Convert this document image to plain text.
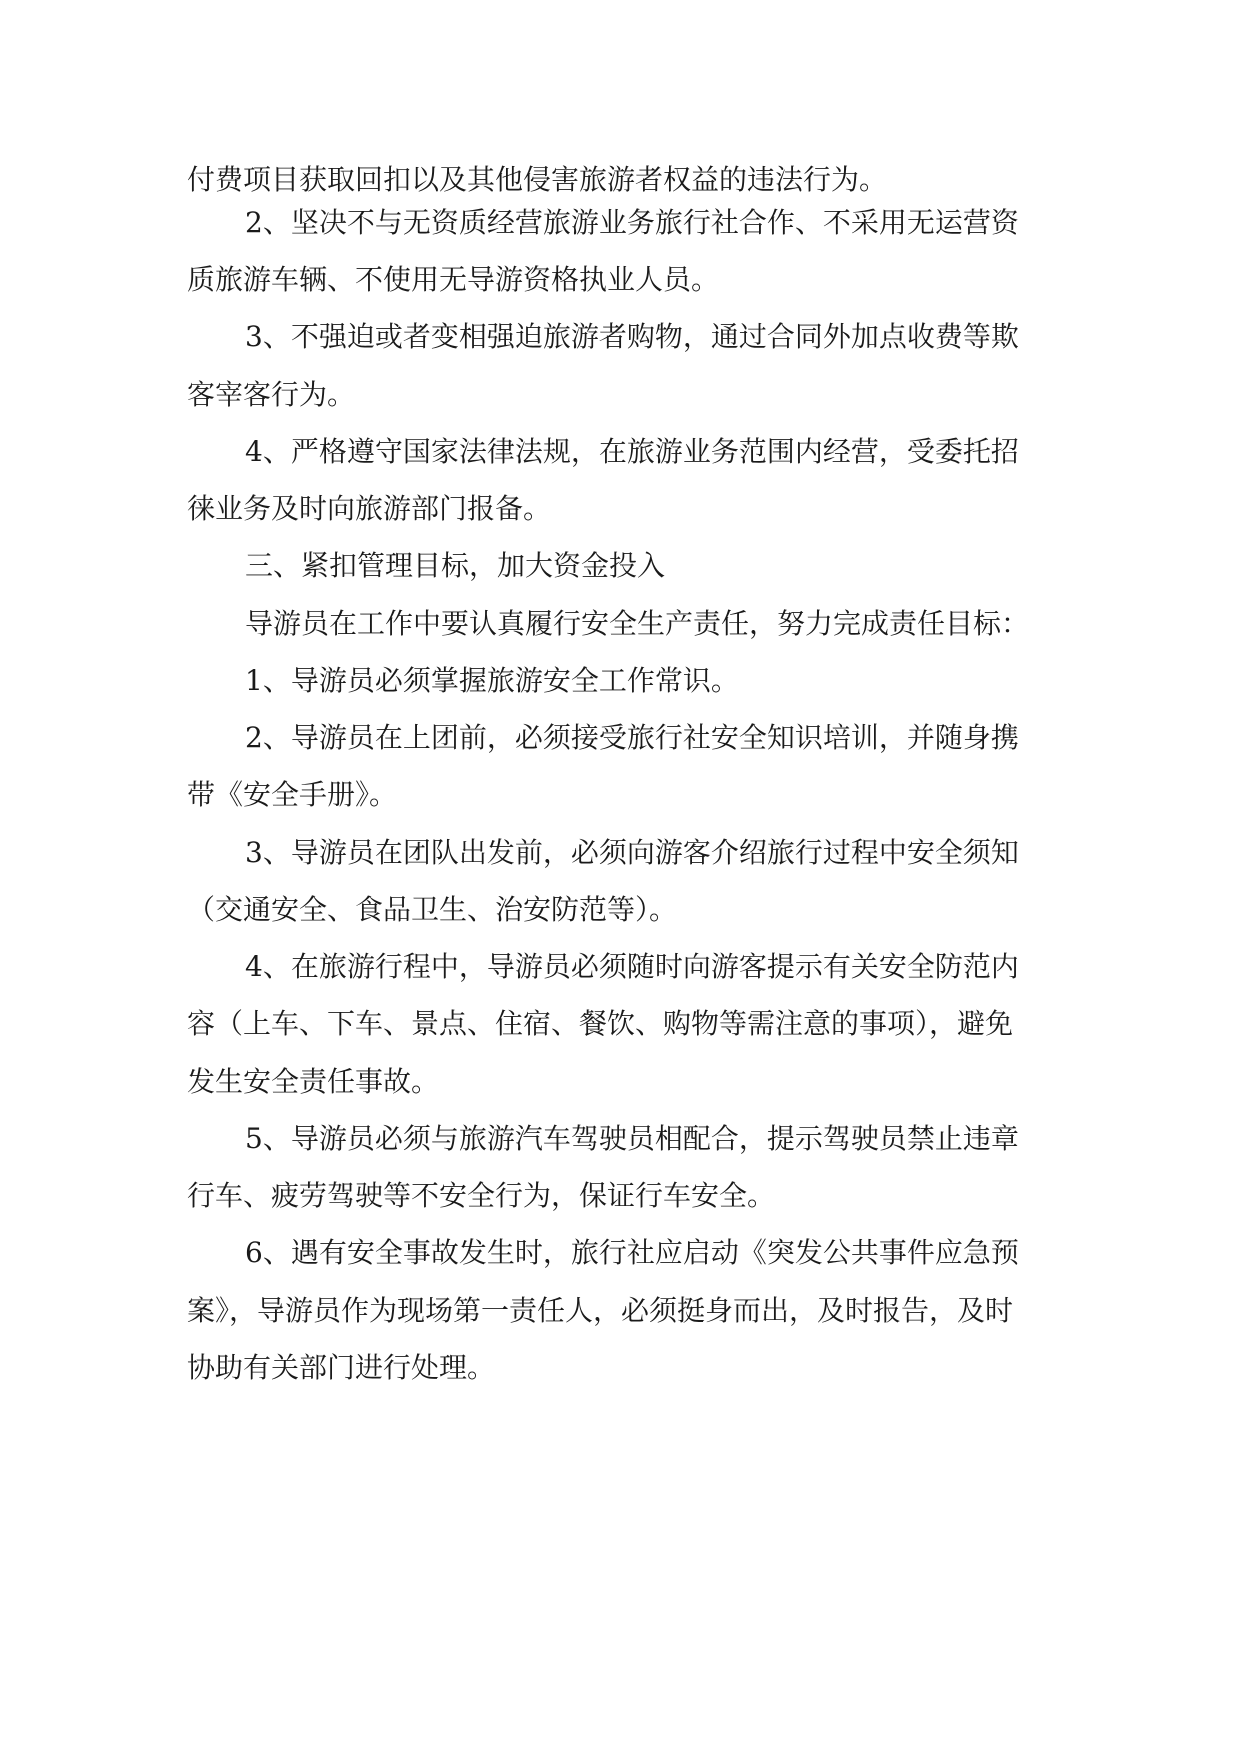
付费项目获取回扣以及其他侵害旅游者权益的违法行为。

2、坚决不与无资质经营旅游业务旅行社合作、不采用无运营资

质旅游车辆、不使用无导游资格执业人员。

3、不强迫或者变相强迫旅游者购物，通过合同外加点收费等欺

客宰客行为。

4、严格遵守国家法律法规，在旅游业务范围内经营，受委托招

徕业务及时向旅游部门报备。

三、紧扣管理目标，加大资金投入

导游员在工作中要认真履行安全生产责任，努力完成责任目标：

1、导游员必须掌握旅游安全工作常识。

2、导游员在上团前，必须接受旅行社安全知识培训，并随身携

带《安全手册》。

3、导游员在团队出发前，必须向游客介绍旅行过程中安全须知

（交通安全、食品卫生、治安防范等）。

4、在旅游行程中，导游员必须随时向游客提示有关安全防范内

容（上车、下车、景点、住宿、餐饮、购物等需注意的事项），避免

发生安全责任事故。

5、导游员必须与旅游汽车驾驶员相配合，提示驾驶员禁止违章

行车、疲劳驾驶等不安全行为，保证行车安全。

6、遇有安全事故发生时，旅行社应启动《突发公共事件应急预

案》，导游员作为现场第一责任人，必须挺身而出，及时报告，及时

协助有关部门进行处理。
